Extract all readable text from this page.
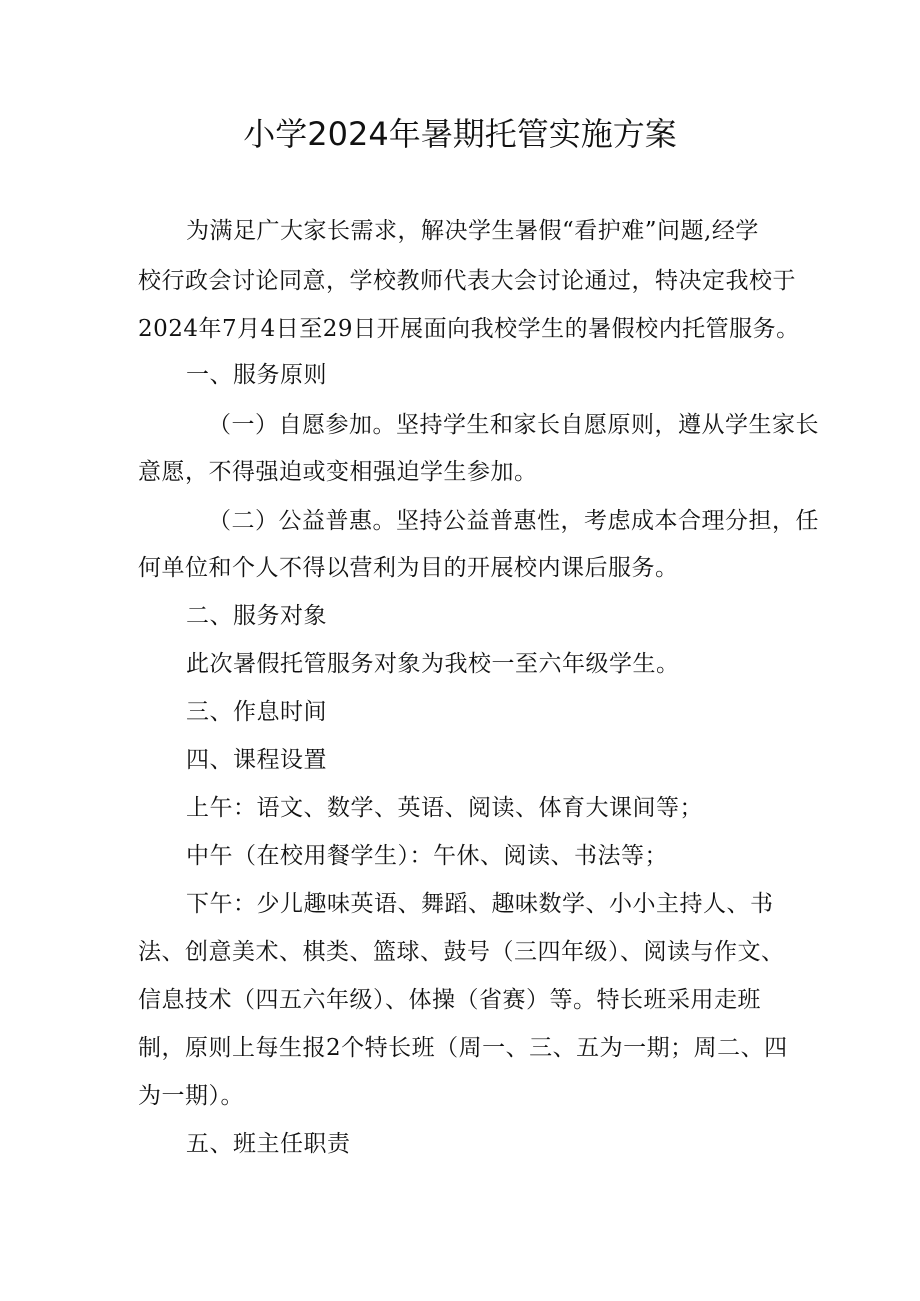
小学2024年暑期托管实施方案
为满足广大家长需求，解决学生暑假“看护难”问题,经学
校行政会讨论同意，学校教师代表大会讨论通过，特决定我校于
2024年7月4日至29日开展面向我校学生的暑假校内托管服务。
一、服务原则
（一）自愿参加。坚持学生和家长自愿原则，遵从学生家长
意愿，不得强迫或变相强迫学生参加。
（二）公益普惠。坚持公益普惠性，考虑成本合理分担，任
何单位和个人不得以营利为目的开展校内课后服务。
二、服务对象
此次暑假托管服务对象为我校一至六年级学生。
三、作息时间
四、课程设置
上午：语文、数学、英语、阅读、体育大课间等；
中午（在校用餐学生）：午休、阅读、书法等；
下午：少儿趣味英语、舞蹈、趣味数学、小小主持人、书
法、创意美术、棋类、篮球、鼓号（三四年级）、阅读与作文、
信息技术（四五六年级）、体操（省赛）等。特长班采用走班
制，原则上每生报2个特长班（周一、三、五为一期；周二、四
为一期）。
五、班主任职责
